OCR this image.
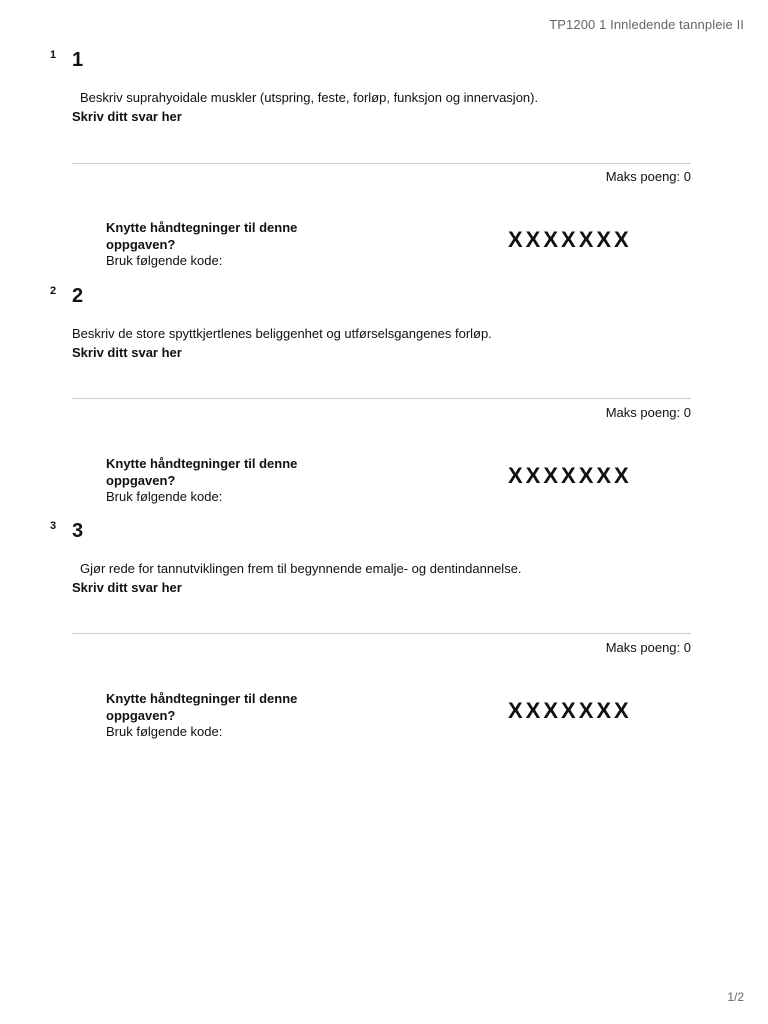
TP1200 1 Innledende tannpleie II
1 1
Beskriv suprahyoidale muskler (utspring, feste, forløp, funksjon og innervasjon).
Skriv ditt svar her
Maks poeng: 0
Knytte håndtegninger til denne oppgaven?
Bruk følgende kode:
XXXXXXX
2 2
Beskriv de store spyttkjertlenes beliggenhet og utførselsgangenes forløp.
Skriv ditt svar her
Maks poeng: 0
Knytte håndtegninger til denne oppgaven?
Bruk følgende kode:
XXXXXXX
3 3
Gjør rede for tannutviklingen frem til begynnende emalje- og dentindannelse.
Skriv ditt svar her
Maks poeng: 0
Knytte håndtegninger til denne oppgaven?
Bruk følgende kode:
XXXXXXX
1/2
